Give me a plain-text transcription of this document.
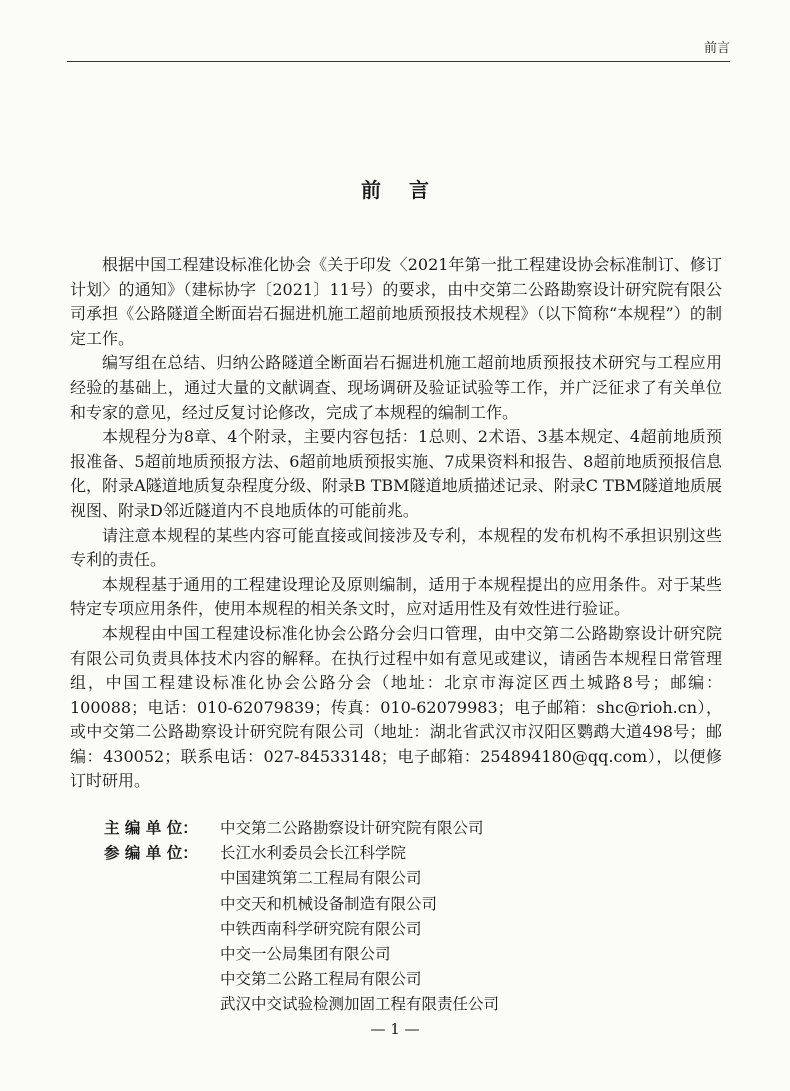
前言
前言

根据中国工程建设标准化协会《关于印发〈2021年第一批工程建设协会标准制订、修订计划〉的通知》（建标协字〔2021〕11号）的要求，由中交第二公路勘察设计研究院有限公司承担《公路隧道全断面岩石掘进机施工超前地质预报技术规程》（以下简称“本规程”）的制定工作。

编写组在总结、归纳公路隧道全断面岩石掘进机施工超前地质预报技术研究与工程应用经验的基础上，通过大量的文献调查、现场调研及验证试验等工作，并广泛征求了有关单位和专家的意见，经过反复讨论修改，完成了本规程的编制工作。

本规程分为8章、4个附录，主要内容包括：1总则、2术语、3基本规定、4超前地质预报准备、5超前地质预报方法、6超前地质预报实施、7成果资料和报告、8超前地质预报信息化，附录A隧道地质复杂程度分级、附录B TBM隧道地质描述记录、附录C TBM隧道地质展视图、附录D邻近隧道内不良地质体的可能前兆。

请注意本规程的某些内容可能直接或间接涉及专利，本规程的发布机构不承担识别这些专利的责任。

本规程基于通用的工程建设理论及原则编制，适用于本规程提出的应用条件。对于某些特定专项应用条件，使用本规程的相关条文时，应对适用性及有效性进行验证。

本规程由中国工程建设标准化协会公路分会归口管理，由中交第二公路勘察设计研究院有限公司负责具体技术内容的解释。在执行过程中如有意见或建议，请函告本规程日常管理组，中国工程建设标准化协会公路分会（地址：北京市海淀区西土城路8号；邮编：100088；电话：010-62079839；传真：010-62079983；电子邮箱：shc@rioh.cn），或中交第二公路勘察设计研究院有限公司（地址：湖北省武汉市汉阳区鹦鹉大道498号；邮编：430052；联系电话：027-84533148；电子邮箱：254894180@qq.com），以便修订时研用。

主 编 单 位：	中交第二公路勘察设计研究院有限公司
参 编 单 位：	长江水利委员会长江科学院
中国建筑第二工程局有限公司
中交天和机械设备制造有限公司
中铁西南科学研究院有限公司
中交一公局集团有限公司
中交第二公路工程局有限公司
武汉中交试验检测加固工程有限责任公司
— 1 —
